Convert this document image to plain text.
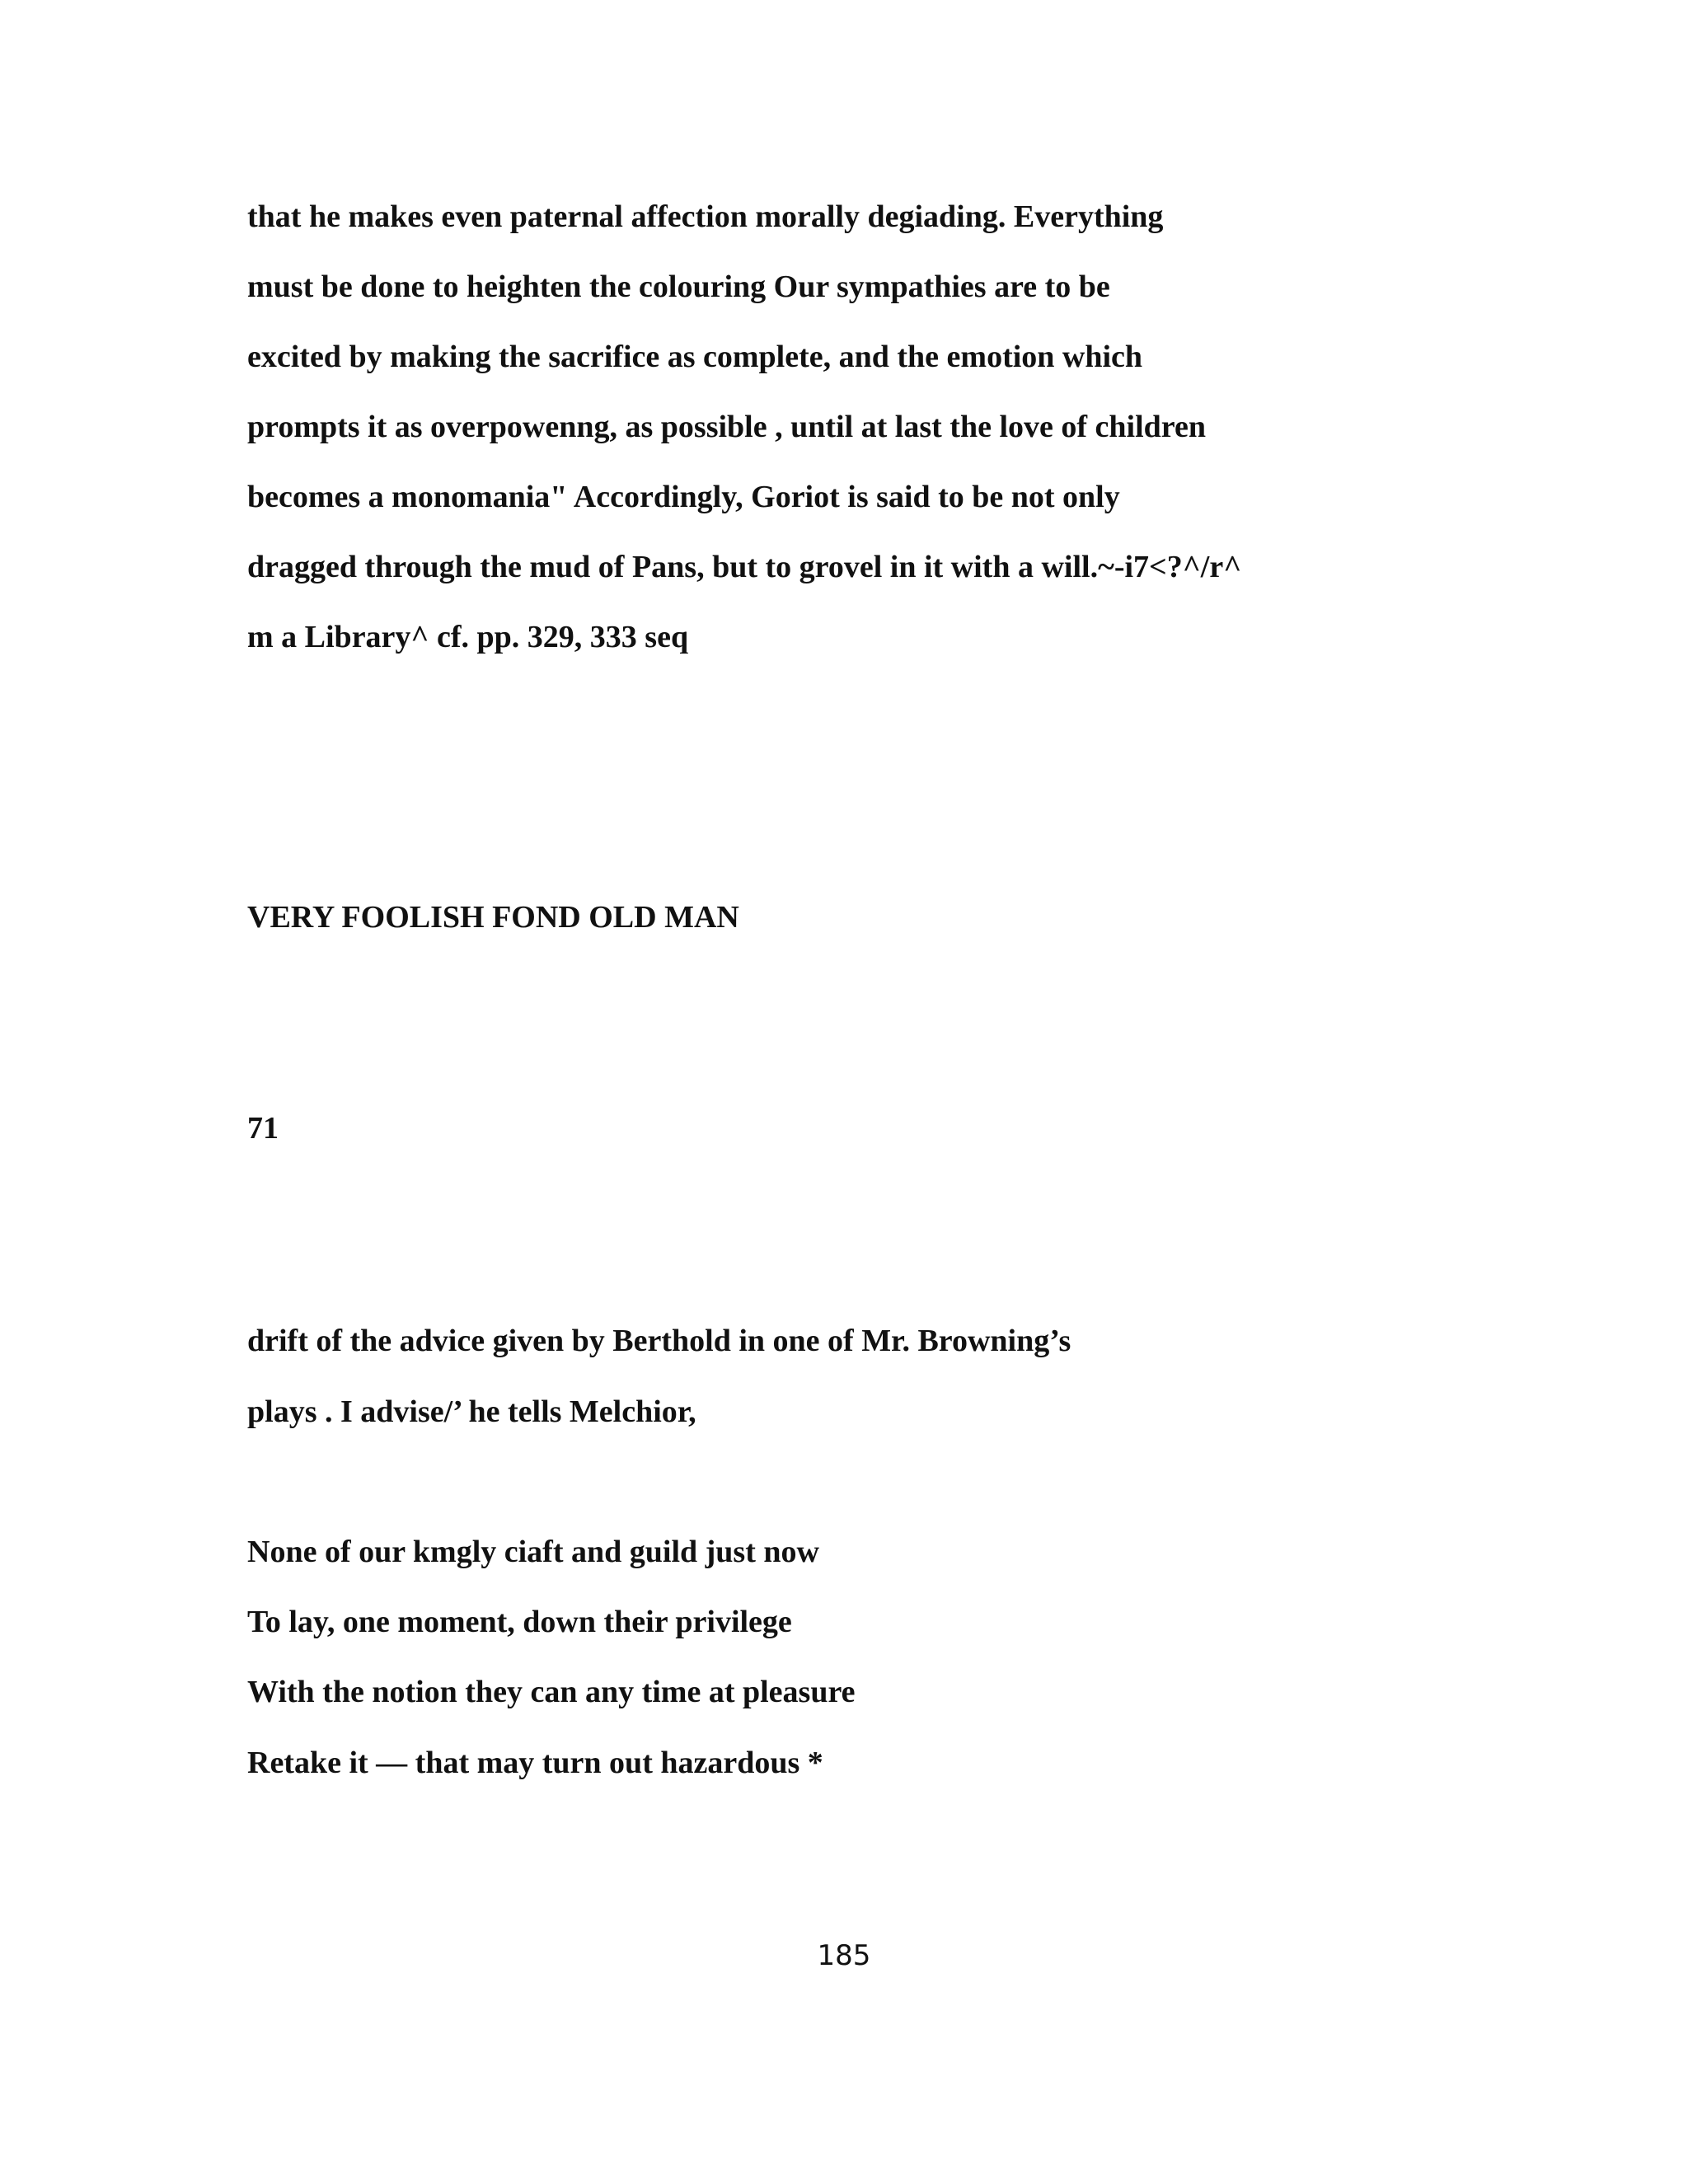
that he makes even paternal affection morally degiading. Everything

must be done to heighten the colouring Our sympathies are to be

excited by making the sacrifice as complete, and the emotion which

prompts it as overpowenng, as possible , until at last the love of children

becomes a monomania" Accordingly, Goriot is said to be not only

dragged through the mud of Pans, but to grovel in it with a will.~-i7<?^/r^

m a Library^ cf. pp. 329, 333 seq

VERY FOOLISH FOND OLD MAN

71

drift of the advice given by Berthold in one of Mr. Browning’s

plays . I advise/’ he tells Melchior,

None of our kmgly ciaft and guild just now

To lay, one moment, down their privilege

With the notion they can any time at pleasure

Retake it — that may turn out hazardous *

185
